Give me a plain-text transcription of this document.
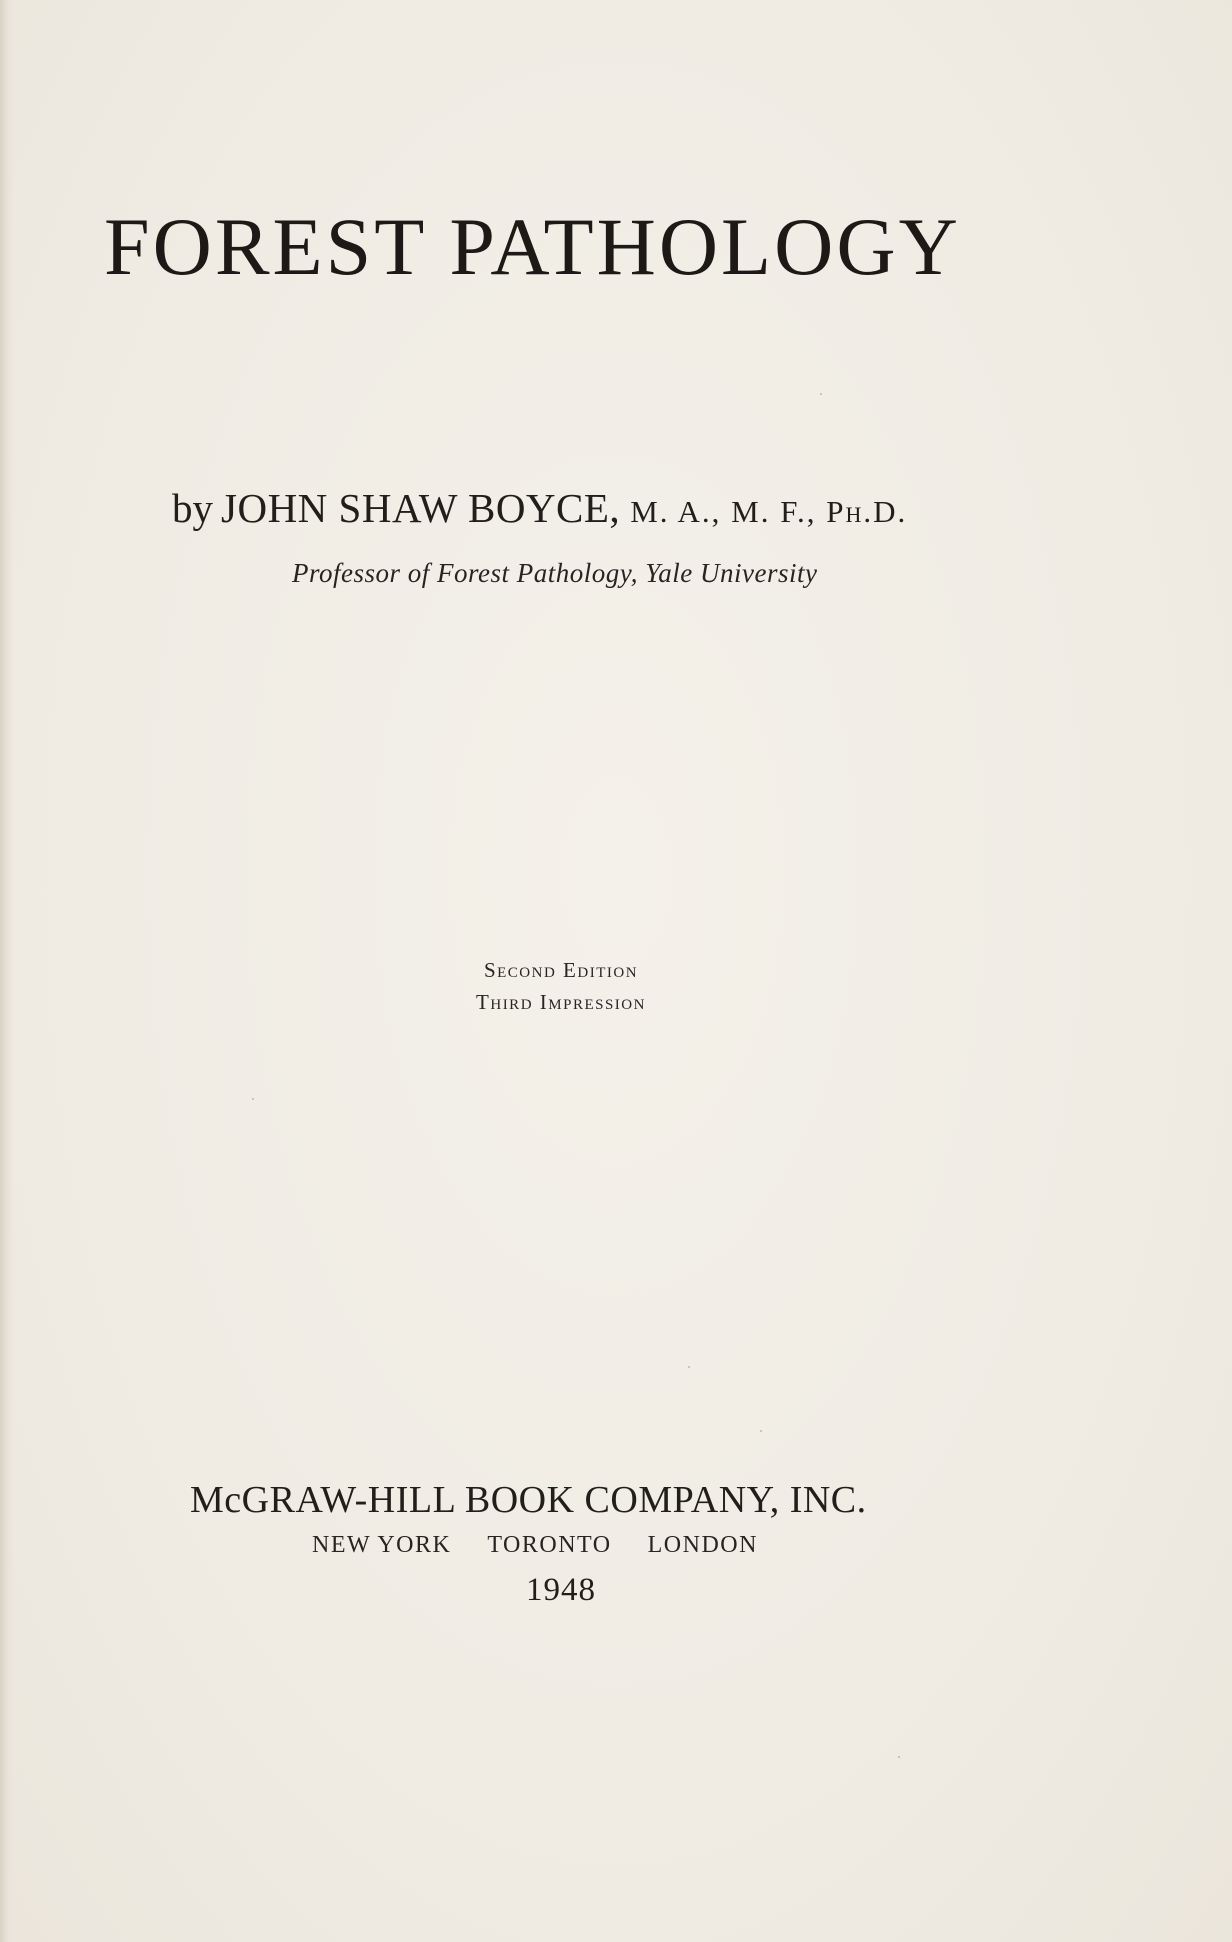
FOREST PATHOLOGY
by JOHN SHAW BOYCE, M. A., M. F., Ph.D.
Professor of Forest Pathology, Yale University
Second Edition
Third Impression
McGRAW-HILL BOOK COMPANY, INC.
NEW YORK TORONTO LONDON
1948
